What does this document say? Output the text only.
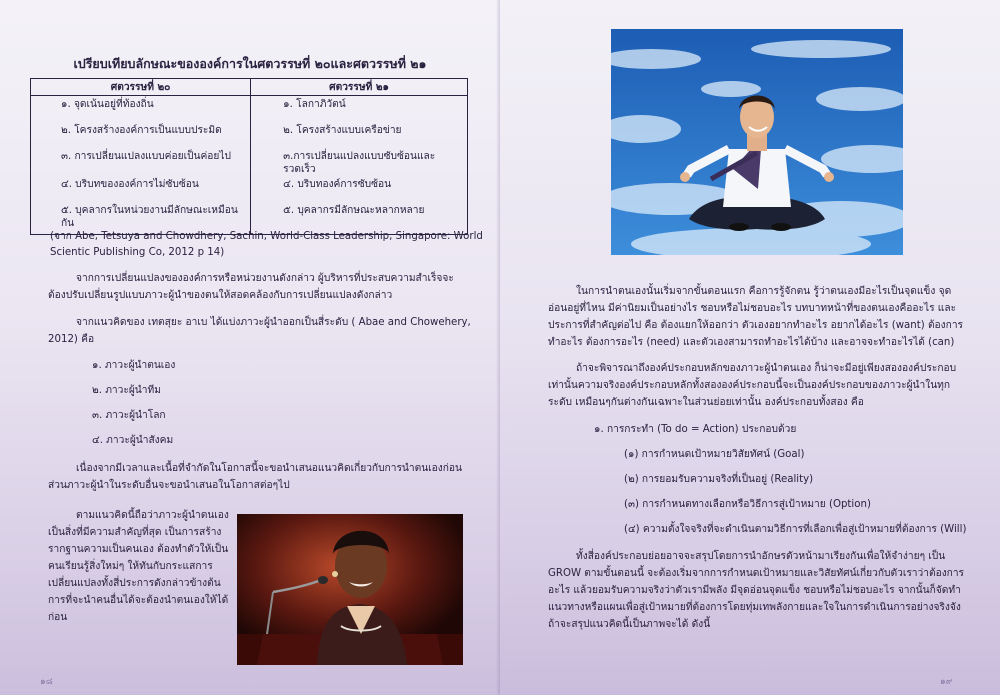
เปรียบเทียบลักษณะขององค์การในศตวรรษที่ ๒๐และศตวรรษที่ ๒๑
ศตวรรษที่ ๒๐	ศตวรรษที่ ๒๑
๑. จุดเน้นอยู่ที่ท้องถิ่น	๑. โลกาภิวัตน์
๒. โครงสร้างองค์การเป็นแบบประมิด	๒. โครงสร้างแบบเครือข่าย
๓. การเปลี่ยนแปลงแบบค่อยเป็นค่อยไป	๓.การเปลี่ยนแปลงแบบซับซ้อนและรวดเร็ว
๔. บริบทขององค์การไม่ซับซ้อน	๔. บริบทองค์การซับซ้อน
๕. บุคลากรในหน่วยงานมีลักษณะเหมือนกัน	๕. บุคลากรมีลักษณะหลากหลาย
(จาก Abe, Tetsuya and Chowdhery, Sachin, World-Class Leadership, Singapore: World
Scientic Publishing Co, 2012 p 14)
จากการเปลี่ยนแปลงขององค์การหรือหน่วยงานดังกล่าว ผู้บริหารที่ประสบความสำเร็จจะ
ต้องปรับเปลี่ยนรูปแบบภาวะผู้นำของตนให้สอดคล้องกับการเปลี่ยนแปลงดังกล่าว
จากแนวคิดของ เทตสุยะ อาเบ ได้แบ่งภาวะผู้นำออกเป็นสี่ระดับ ( Abae and Chowehery,
2012) คือ
๑. ภาวะผู้นำตนเอง
๒. ภาวะผู้นำทีม
๓. ภาวะผู้นำโลก
๔. ภาวะผู้นำสังคม
เนื่องจากมีเวลาและเนื้อที่จำกัดในโอกาสนี้จะขอนำเสนอแนวคิดเกี่ยวกับการนำตนเองก่อน
ส่วนภาวะผู้นำในระดับอื่นจะขอนำเสนอในโอกาสต่อๆไป
ตามแนวคิดนี้ถือว่าภาวะผู้นำตนเอง
เป็นสิ่งที่มีความสำคัญที่สุด เป็นการสร้าง
รากฐานความเป็นคนเอง ต้องทำตัวให้เป็น
คนเรียนรู้สิ่งใหม่ๆ ให้ทันกับกระแสการ
เปลี่ยนแปลงทั้งสี่ประการดังกล่าวข้างต้น
การที่จะนำคนอื่นได้จะต้องนำตนเองให้ได้
ก่อน
๑๘
ในการนำตนเองนั้นเริ่มจากขั้นตอนแรก คือการรู้จักตน รู้ว่าตนเองมีอะไรเป็นจุดแข็ง จุด
อ่อนอยู่ที่ไหน มีค่านิยมเป็นอย่างไร ชอบหรือไม่ชอบอะไร บทบาทหน้าที่ของตนเองคืออะไร และ
ประการที่สำคัญต่อไป คือ ต้องแยกให้ออกว่า ตัวเองอยากทำอะไร อยากได้อะไร (want) ต้องการ
ทำอะไร ต้องการอะไร (need) และตัวเองสามารถทำอะไรได้บ้าง และอาจจะทำอะไรได้ (can)
ถ้าจะพิจารณาถึงองค์ประกอบหลักของภาวะผู้นำตนเอง ก็น่าจะมีอยู่เพียงสององค์ประกอบ
เท่านั้นความจริงองค์ประกอบหลักทั้งสององค์ประกอบนี้จะเป็นองค์ประกอบของภาวะผู้นำในทุก
ระดับ เหมือนๆกันต่างกันเฉพาะในส่วนย่อยเท่านั้น องค์ประกอบทั้งสอง คือ
๑. การกระทำ (To do = Action) ประกอบด้วย
(๑) การกำหนดเป้าหมายวิสัยทัศน์ (Goal)
(๒) การยอมรับความจริงที่เป็นอยู่ (Reality)
(๓) การกำหนดทางเลือกหรือวิธีการสู่เป้าหมาย (Option)
(๔) ความตั้งใจจริงที่จะดำเนินตามวิธีการที่เลือกเพื่อสู่เป้าหมายที่ต้องการ (Will)
ทั้งสี่องค์ประกอบย่อยอาจจะสรุปโดยการนำอักษรตัวหน้ามาเรียงกันเพื่อให้จำง่ายๆ เป็น
GROW ตามขั้นตอนนี้ จะต้องเริ่มจากการกำหนดเป้าหมายและวิสัยทัศน์เกี่ยวกับตัวเราว่าต้องการ
อะไร แล้วยอมรับความจริงว่าตัวเรามีพลัง มีจุดอ่อนจุดแข็ง ชอบหรือไม่ชอบอะไร จากนั้นก็จัดทำ
แนวทางหรือแผนเพื่อสู่เป้าหมายที่ต้องการโดยทุ่มเทพลังกายและใจในการดำเนินการอย่างจริงจัง
ถ้าจะสรุปแนวคิดนี้เป็นภาพจะได้ ดังนี้
๑๙
